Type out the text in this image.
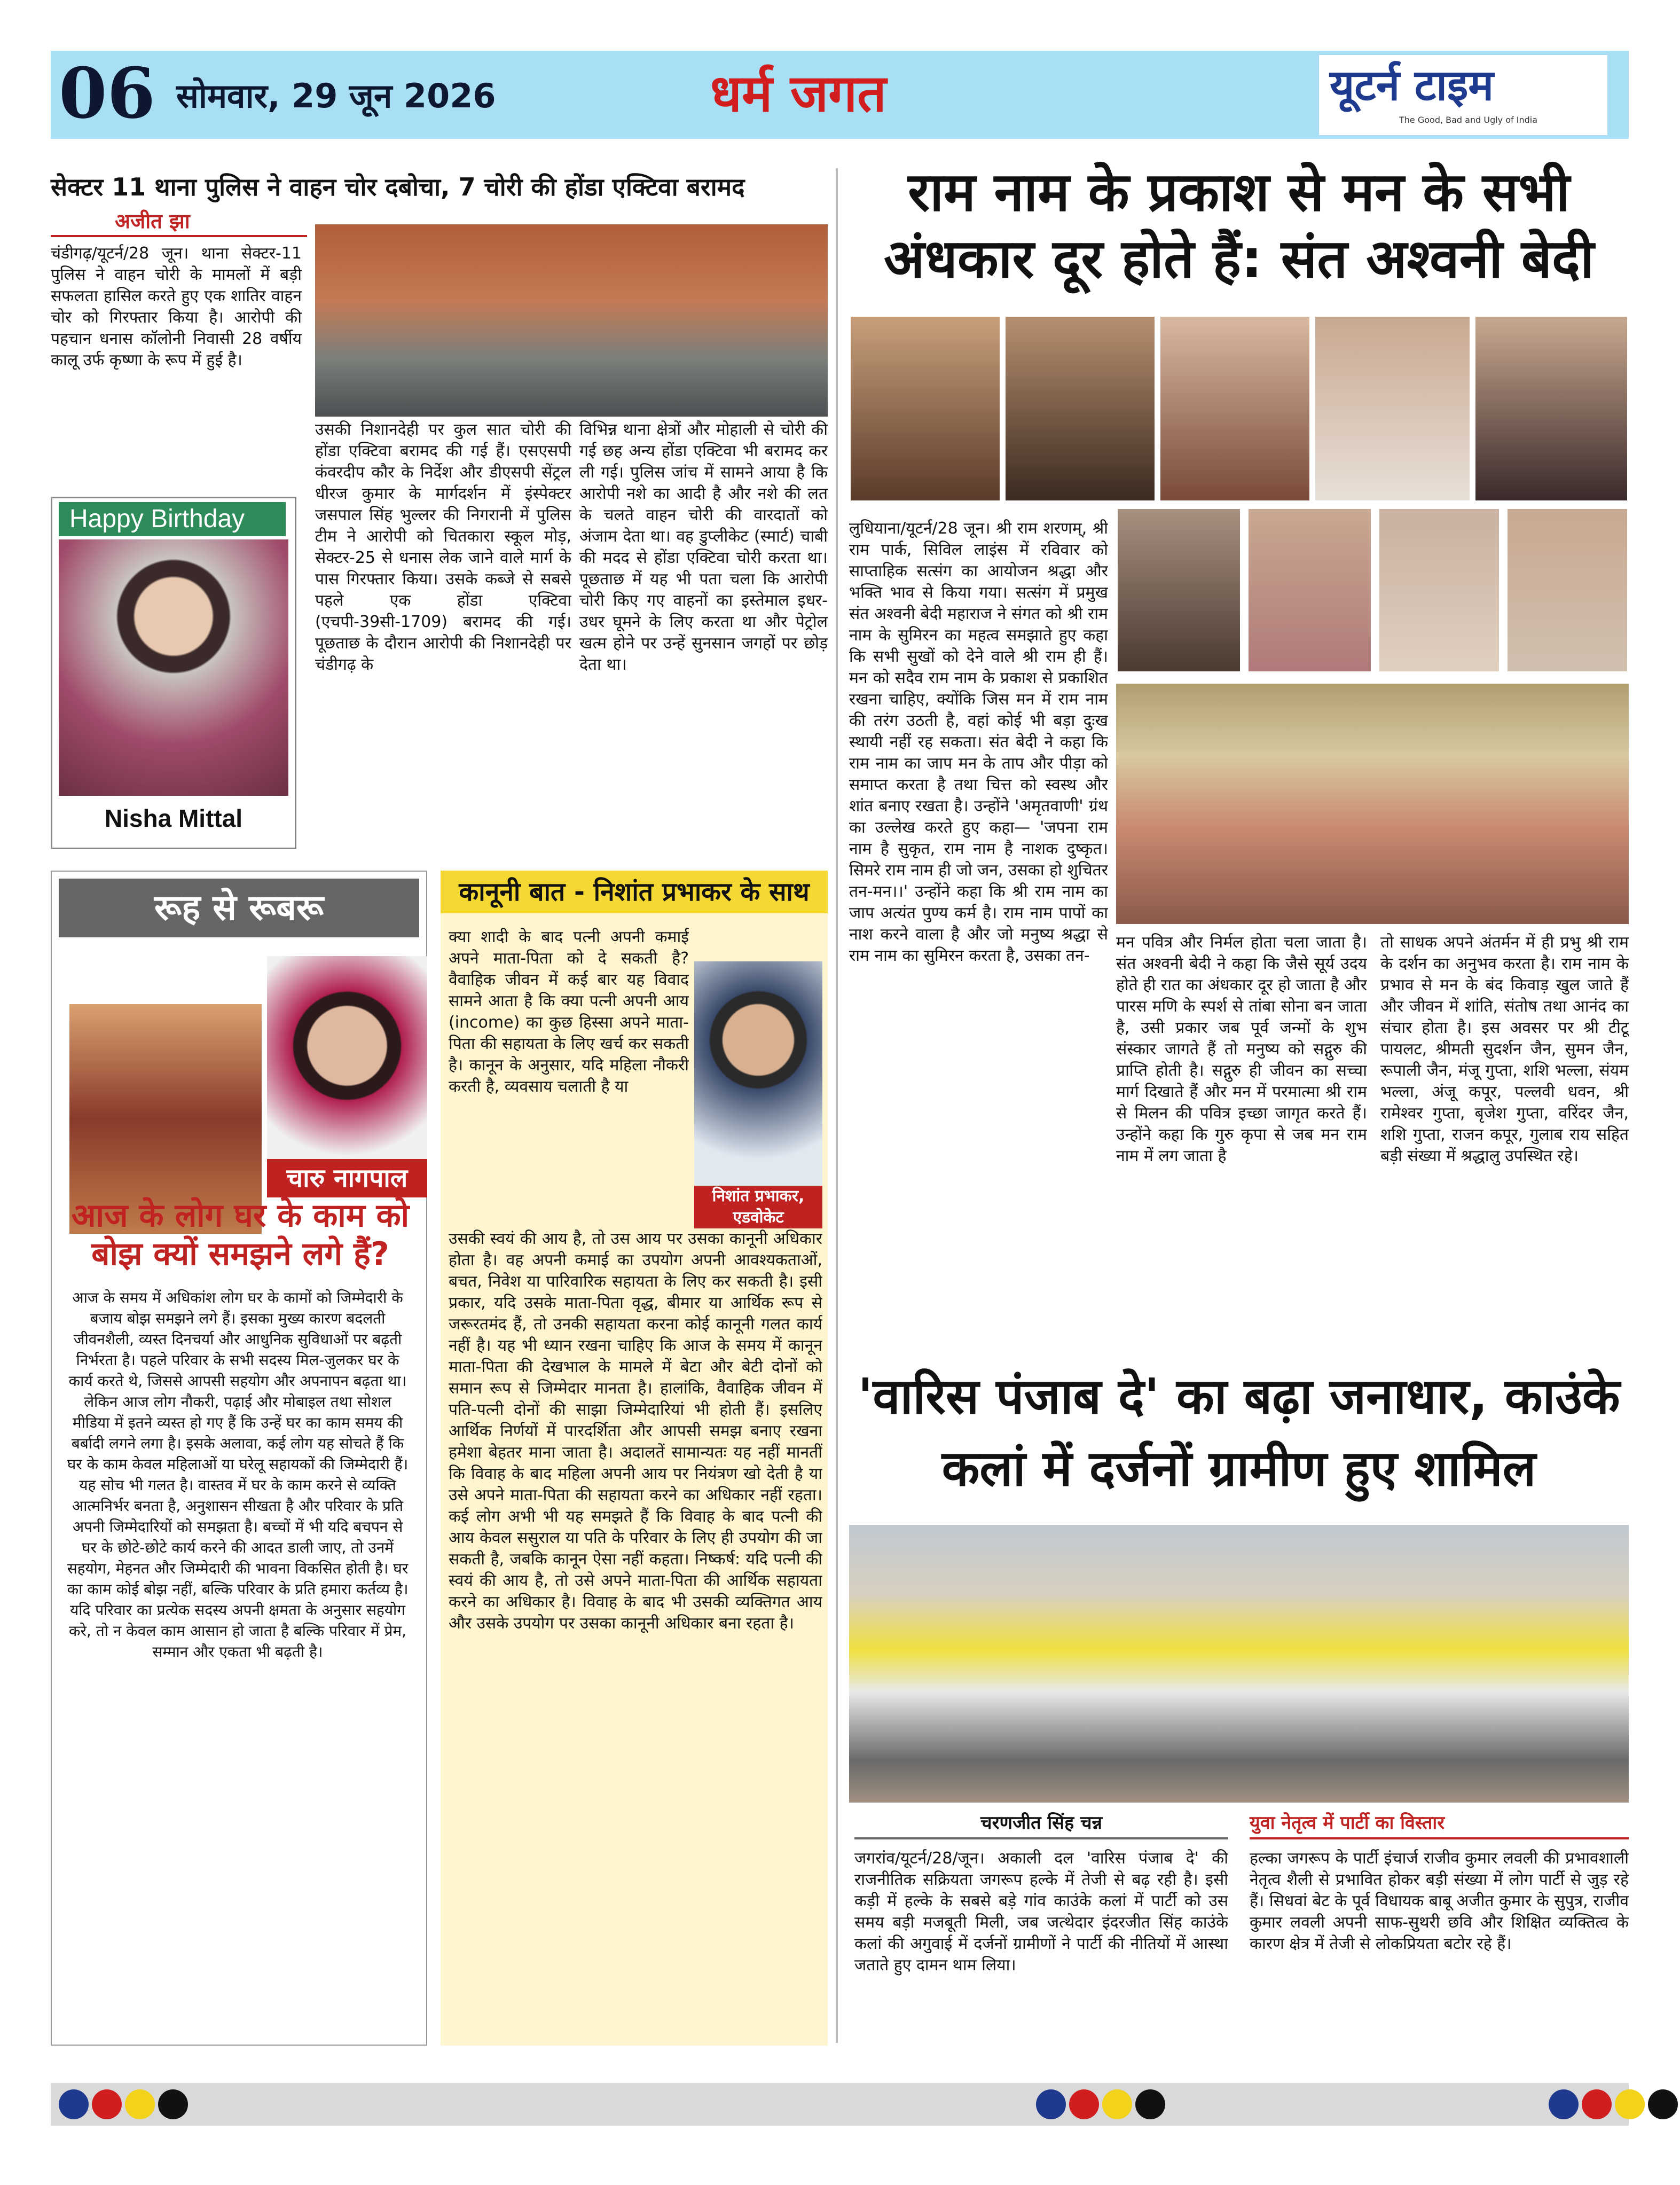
06 सोमवार, 29 जून 2026	धर्म जगत	यूटर्न टाइम
The Good, Bad and Ugly of India
सेक्टर 11 थाना पुलिस ने वाहन चोर दबोचा, 7 चोरी की होंडा एक्टिवा बरामद
अजीत झा
चंडीगढ़/यूटर्न/28 जून। थाना सेक्टर-11 पुलिस ने वाहन चोरी के मामलों में बड़ी सफलता हासिल करते हुए एक शातिर वाहन चोर को गिरफ्तार किया है। आरोपी की पहचान धनास कॉलोनी निवासी 28 वर्षीय कालू उर्फ कृष्णा के रूप में हुई है।
उसकी निशानदेही पर कुल सात चोरी की होंडा एक्टिवा बरामद की गई हैं। एसएसपी कंवरदीप कौर के निर्देश और डीएसपी सेंट्रल धीरज कुमार के मार्गदर्शन में इंस्पेक्टर जसपाल सिंह भुल्लर की निगरानी में पुलिस टीम ने आरोपी को चितकारा स्कूल मोड़, सेक्टर-25 से धनास लेक जाने वाले मार्ग के पास गिरफ्तार किया। उसके कब्जे से सबसे पहले एक होंडा एक्टिवा (एचपी-39सी-1709) बरामद की गई। पूछताछ के दौरान आरोपी की निशानदेही पर चंडीगढ़ के
विभिन्न थाना क्षेत्रों और मोहाली से चोरी की गई छह अन्य होंडा एक्टिवा भी बरामद कर ली गई। पुलिस जांच में सामने आया है कि आरोपी नशे का आदी है और नशे की लत के चलते वाहन चोरी की वारदातों को अंजाम देता था। वह डुप्लीकेट (स्मार्ट) चाबी की मदद से होंडा एक्टिवा चोरी करता था। पूछताछ में यह भी पता चला कि आरोपी चोरी किए गए वाहनों का इस्तेमाल इधर-उधर घूमने के लिए करता था और पेट्रोल खत्म होने पर उन्हें सुनसान जगहों पर छोड़ देता था।
Happy Birthday
Nisha Mittal
राम नाम के प्रकाश से मन के सभी
अंधकार दूर होते हैं: संत अश्वनी बेदी
लुधियाना/यूटर्न/28 जून। श्री राम शरणम्, श्री राम पार्क, सिविल लाइंस में रविवार को साप्ताहिक सत्संग का आयोजन श्रद्धा और भक्ति भाव से किया गया। सत्संग में प्रमुख संत अश्वनी बेदी महाराज ने संगत को श्री राम नाम के सुमिरन का महत्व समझाते हुए कहा कि सभी सुखों को देने वाले श्री राम ही हैं। मन को सदैव राम नाम के प्रकाश से प्रकाशित रखना चाहिए, क्योंकि जिस मन में राम नाम की तरंग उठती है, वहां कोई भी बड़ा दुःख स्थायी नहीं रह सकता। संत बेदी ने कहा कि राम नाम का जाप मन के ताप और पीड़ा को समाप्त करता है तथा चित्त को स्वस्थ और शांत बनाए रखता है। उन्होंने 'अमृतवाणी' ग्रंथ का उल्लेख करते हुए कहा— 'जपना राम नाम है सुकृत, राम नाम है नाशक दुष्कृत। सिमरे राम नाम ही जो जन, उसका हो शुचितर तन-मन।।' उन्होंने कहा कि श्री राम नाम का जाप अत्यंत पुण्य कर्म है। राम नाम पापों का नाश करने वाला है और जो मनुष्य श्रद्धा से राम नाम का सुमिरन करता है, उसका तन-
मन पवित्र और निर्मल होता चला जाता है। संत अश्वनी बेदी ने कहा कि जैसे सूर्य उदय होते ही रात का अंधकार दूर हो जाता है और पारस मणि के स्पर्श से तांबा सोना बन जाता है, उसी प्रकार जब पूर्व जन्मों के शुभ संस्कार जागते हैं तो मनुष्य को सद्गुरु की प्राप्ति होती है। सद्गुरु ही जीवन का सच्चा मार्ग दिखाते हैं और मन में परमात्मा श्री राम से मिलन की पवित्र इच्छा जागृत करते हैं। उन्होंने कहा कि गुरु कृपा से जब मन राम नाम में लग जाता है
तो साधक अपने अंतर्मन में ही प्रभु श्री राम के दर्शन का अनुभव करता है। राम नाम के प्रभाव से मन के बंद किवाड़ खुल जाते हैं और जीवन में शांति, संतोष तथा आनंद का संचार होता है। इस अवसर पर श्री टीटू पायलट, श्रीमती सुदर्शन जैन, सुमन जैन, रूपाली जैन, मंजू गुप्ता, शशि भल्ला, संयम भल्ला, अंजू कपूर, पल्लवी धवन, श्री रामेश्वर गुप्ता, बृजेश गुप्ता, वरिंदर जैन, शशि गुप्ता, राजन कपूर, गुलाब राय सहित बड़ी संख्या में श्रद्धालु उपस्थित रहे।
रूह से रूबरू
चारु नागपाल
आज के लोग घर के काम को बोझ क्यों समझने लगे हैं?
आज के समय में अधिकांश लोग घर के कामों को जिम्मेदारी के बजाय बोझ समझने लगे हैं। इसका मुख्य कारण बदलती जीवनशैली, व्यस्त दिनचर्या और आधुनिक सुविधाओं पर बढ़ती निर्भरता है। पहले परिवार के सभी सदस्य मिल-जुलकर घर के कार्य करते थे, जिससे आपसी सहयोग और अपनापन बढ़ता था। लेकिन आज लोग नौकरी, पढ़ाई और मोबाइल तथा सोशल मीडिया में इतने व्यस्त हो गए हैं कि उन्हें घर का काम समय की बर्बादी लगने लगा है। इसके अलावा, कई लोग यह सोचते हैं कि घर के काम केवल महिलाओं या घरेलू सहायकों की जिम्मेदारी हैं। यह सोच भी गलत है। वास्तव में घर के काम करने से व्यक्ति आत्मनिर्भर बनता है, अनुशासन सीखता है और परिवार के प्रति अपनी जिम्मेदारियों को समझता है। बच्चों में भी यदि बचपन से घर के छोटे-छोटे कार्य करने की आदत डाली जाए, तो उनमें सहयोग, मेहनत और जिम्मेदारी की भावना विकसित होती है। घर का काम कोई बोझ नहीं, बल्कि परिवार के प्रति हमारा कर्तव्य है। यदि परिवार का प्रत्येक सदस्य अपनी क्षमता के अनुसार सहयोग करे, तो न केवल काम आसान हो जाता है बल्कि परिवार में प्रेम, सम्मान और एकता भी बढ़ती है।
कानूनी बात - निशांत प्रभाकर के साथ
क्या शादी के बाद पत्नी अपनी कमाई अपने माता-पिता को दे सकती है? वैवाहिक जीवन में कई बार यह विवाद सामने आता है कि क्या पत्नी अपनी आय (income) का कुछ हिस्सा अपने माता-पिता की सहायता के लिए खर्च कर सकती है। कानून के अनुसार, यदि महिला नौकरी करती है, व्यवसाय चलाती है या
निशांत प्रभाकर,
एडवोकेट
उसकी स्वयं की आय है, तो उस आय पर उसका कानूनी अधिकार होता है। वह अपनी कमाई का उपयोग अपनी आवश्यकताओं, बचत, निवेश या पारिवारिक सहायता के लिए कर सकती है। इसी प्रकार, यदि उसके माता-पिता वृद्ध, बीमार या आर्थिक रूप से जरूरतमंद हैं, तो उनकी सहायता करना कोई कानूनी गलत कार्य नहीं है। यह भी ध्यान रखना चाहिए कि आज के समय में कानून माता-पिता की देखभाल के मामले में बेटा और बेटी दोनों को समान रूप से जिम्मेदार मानता है। हालांकि, वैवाहिक जीवन में पति-पत्नी दोनों की साझा जिम्मेदारियां भी होती हैं। इसलिए आर्थिक निर्णयों में पारदर्शिता और आपसी समझ बनाए रखना हमेशा बेहतर माना जाता है। अदालतें सामान्यतः यह नहीं मानतीं कि विवाह के बाद महिला अपनी आय पर नियंत्रण खो देती है या उसे अपने माता-पिता की सहायता करने का अधिकार नहीं रहता। कई लोग अभी भी यह समझते हैं कि विवाह के बाद पत्नी की आय केवल ससुराल या पति के परिवार के लिए ही उपयोग की जा सकती है, जबकि कानून ऐसा नहीं कहता। निष्कर्ष: यदि पत्नी की स्वयं की आय है, तो उसे अपने माता-पिता की आर्थिक सहायता करने का अधिकार है। विवाह के बाद भी उसकी व्यक्तिगत आय और उसके उपयोग पर उसका कानूनी अधिकार बना रहता है।
'वारिस पंजाब दे' का बढ़ा जनाधार, काउंके
कलां में दर्जनों ग्रामीण हुए शामिल
चरणजीत सिंह चन्न	युवा नेतृत्व में पार्टी का विस्तार
जगरांव/यूटर्न/28/जून। अकाली दल 'वारिस पंजाब दे' की राजनीतिक सक्रियता जगरूप हल्के में तेजी से बढ़ रही है। इसी कड़ी में हल्के के सबसे बड़े गांव काउंके कलां में पार्टी को उस समय बड़ी मजबूती मिली, जब जत्थेदार इंदरजीत सिंह काउंके कलां की अगुवाई में दर्जनों ग्रामीणों ने पार्टी की नीतियों में आस्था जताते हुए दामन थाम लिया।
हल्का जगरूप के पार्टी इंचार्ज राजीव कुमार लवली की प्रभावशाली नेतृत्व शैली से प्रभावित होकर बड़ी संख्या में लोग पार्टी से जुड़ रहे हैं। सिधवां बेट के पूर्व विधायक बाबू अजीत कुमार के सुपुत्र, राजीव कुमार लवली अपनी साफ-सुथरी छवि और शिक्षित व्यक्तित्व के कारण क्षेत्र में तेजी से लोकप्रियता बटोर रहे हैं।
